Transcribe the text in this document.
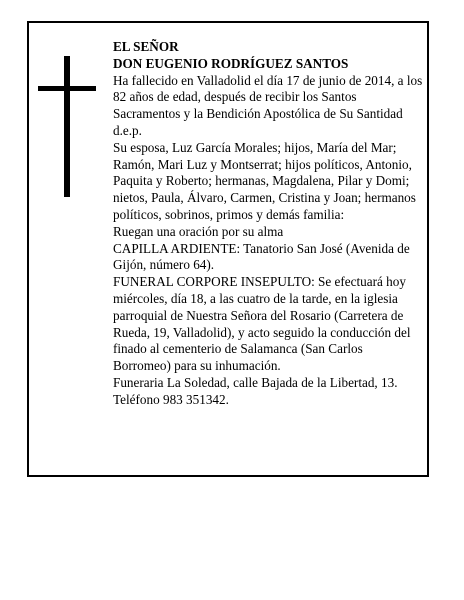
EL SEÑOR

DON EUGENIO RODRÍGUEZ SANTOS

Ha fallecido en Valladolid el día 17 de junio de 2014, a los 82 años de edad, después de recibir los Santos Sacramentos y la Bendición Apostólica de Su Santidad d.e.p.

Su esposa, Luz García Morales; hijos, María del Mar; Ramón, Mari Luz y Montserrat; hijos políticos, Antonio, Paquita y Roberto; hermanas, Magdalena, Pilar y Domi; nietos, Paula, Álvaro, Carmen, Cristina y Joan; hermanos políticos, sobrinos, primos y demás familia:

Ruegan una oración por su alma

CAPILLA ARDIENTE: Tanatorio San José (Avenida de Gijón, número 64).

FUNERAL CORPORE INSEPULTO: Se efectuará hoy miércoles, día 18, a las cuatro de la tarde, en la iglesia parroquial de Nuestra Señora del Rosario (Carretera de Rueda, 19, Valladolid), y acto seguido la conducción del finado al cementerio de Salamanca (San Carlos Borromeo) para su inhumación.

Funeraria La Soledad, calle Bajada de la Libertad, 13. Teléfono 983 351342.
